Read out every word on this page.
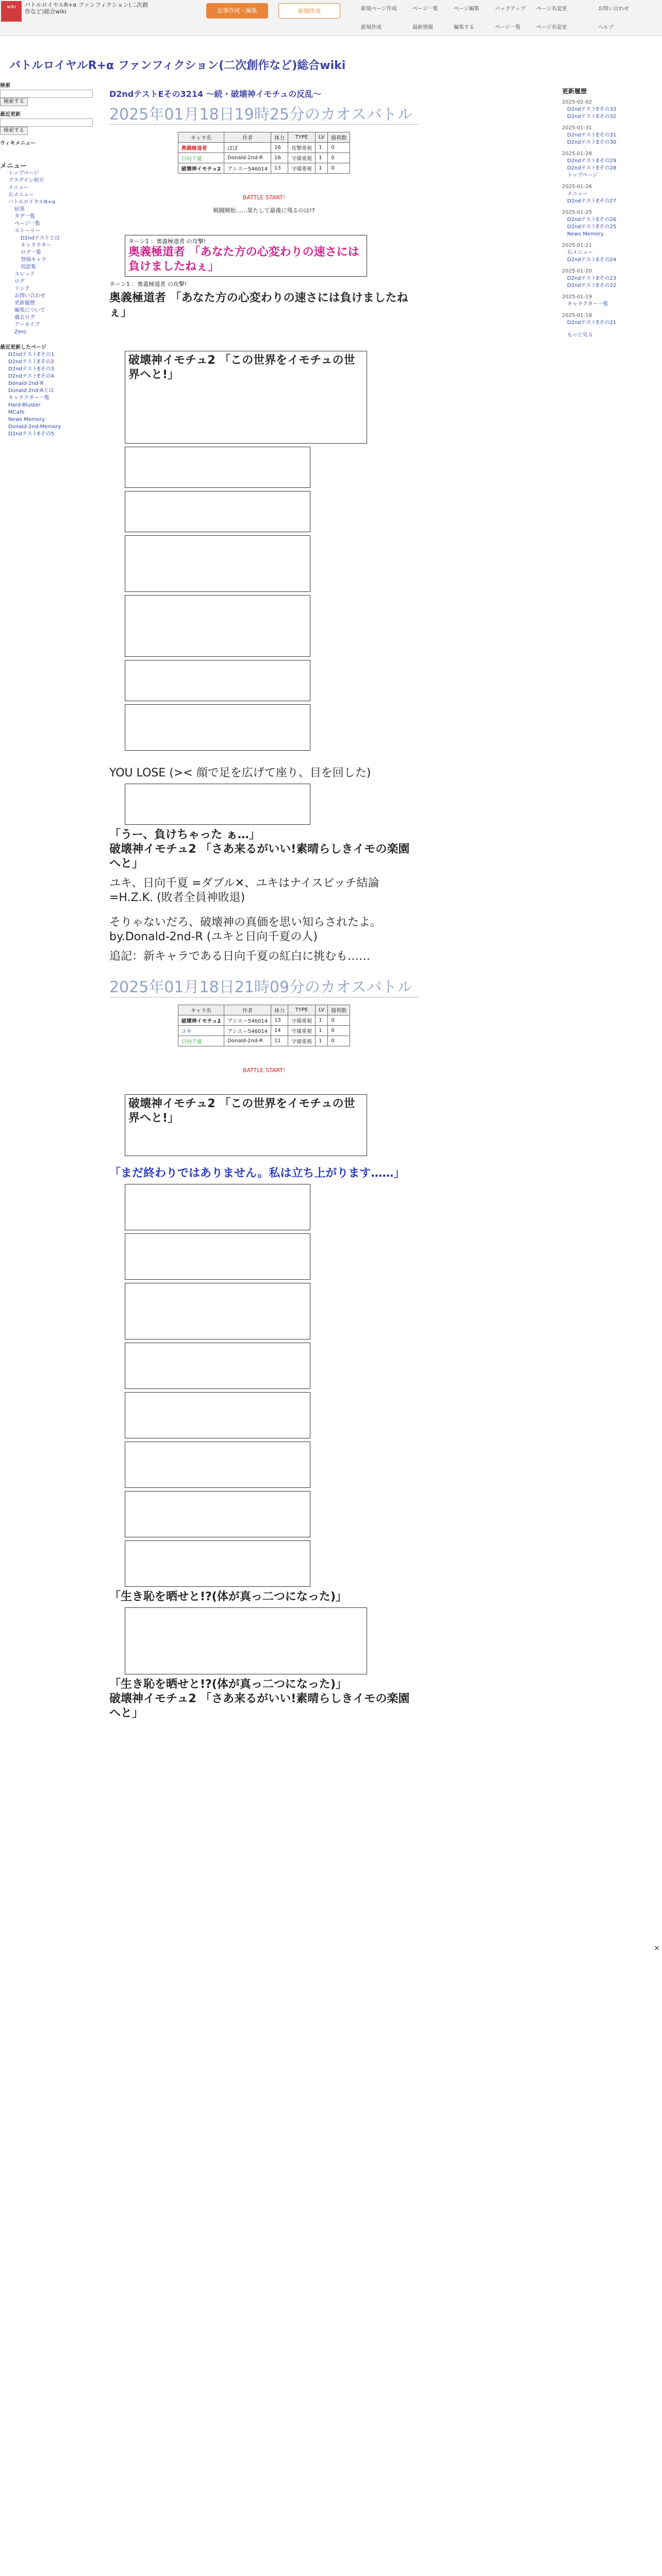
wiki	バトルロイヤルR+α ファンフィクション(二次創
作など)総合wiki	記事作成・編集	新規作成	新規ページ作成	ページ一覧	ページ編集	バックアップ ページ名変更	お問い合わせ
新規作成	最新情報	編集する	ページ一覧	ページ名変更	ヘルプ
バトルロイヤルR+α ファンフィクション(二次創作など)総合wiki
検索
検索する
最近更新
検索する
ウィキメニュー
メニュー
トップページ
プラグイン紹介
メニュー
右メニュー
バトルロイヤルR+α
結果
タグ一覧
ページ一覧
ストーリー
D2ndテストとは
キャラクター
ログ一覧
登場キャラ
用語集
スレッド
ログ
リンク
お問い合わせ
更新履歴
編集について
過去ログ
アーカイブ
Zero
最近更新したページ
D2ndテストEその1
D2ndテストEその2
D2ndテストEその3
D2ndテストEその4
Donald-2nd-R
Donald-2nd-Rとは
キャラクター一覧
Hard-Bluster
MCafe
News Memory
Donald-2nd-Memory
D2ndテストEその5
更新履歴
2025-02-02
D2ndテストEその33
D2ndテストEその32
2025-01-31
D2ndテストEその31
D2ndテストEその30
2025-01-28
D2ndテストEその29
D2ndテストEその28
トップページ
2025-01-26
メニュー
D2ndテストEその27
2025-01-25
D2ndテストEその26
D2ndテストEその25
News Memory
2025-01-21
右メニュー
D2ndテストEその24
2025-01-20
D2ndテストEその23
D2ndテストEその22
2025-01-19
キャラクター一覧
2025-01-18
D2ndテストEその21
もっと見る
D2ndテストEその3214 〜続・破壊神イモチュの反乱〜
2025年01月18日19時25分のカオスバトル
キャラ名	作者	体力	TYPE	LV	勝利数
奥義極道者	ぽぽ	16	攻撃重視	1	0
日向千夏	Donald-2nd-R	16	守備重視	1	0
破壊神イモチュ2	アシエー546014	13	守備重視	1	0
BATTLE START!
戦闘開始……果たして最後に残るのは!?
ターン1 ：奥義極道者 の攻撃!
奥義極道者 「あなた方の心変わりの速さには負けましたねぇ」
ターン1 ：奥義極道者 の攻撃!
奥義極道者 「あなた方の心変わりの速さには負けましたねぇ」
破壊神イモチュ2 「この世界をイモチュの世界へと!」
YOU LOSE (>< 顔で足を広げて座り、目を回した)
「うー、負けちゃった ぁ…」
破壊神イモチュ2 「さあ来るがいい!素晴らしきイモの楽園へと」
ユキ、日向千夏 =ダブル✕、ユキはナイスビッチ結論=H.Z.K. (敗者全員神敗退)
そりゃないだろ、破壊神の真価を思い知らされたよ。by.Donald-2nd-R (ユキと日向千夏の人)
追記：新キャラである日向千夏の紅白に挑むも……
2025年01月18日21時09分のカオスバトル
キャラ名	作者	体力	TYPE	LV	勝利数
破壊神イモチュ2	アシエー546014	13	守備重視	1	0
ユキ	アシエー546014	14	守備重視	1	0
日向千夏	Donald-2nd-R	11	守備重視	1	0
BATTLE START!
破壊神イモチュ2 「この世界をイモチュの世界へと!」
「まだ終わりではありません。私は立ち上がります……」
「生き恥を晒せと!?(体が真っ二つになった)」
「生き恥を晒せと!?(体が真っ二つになった)」
破壊神イモチュ2 「さあ来るがいい!素晴らしきイモの楽園へと」
✕
